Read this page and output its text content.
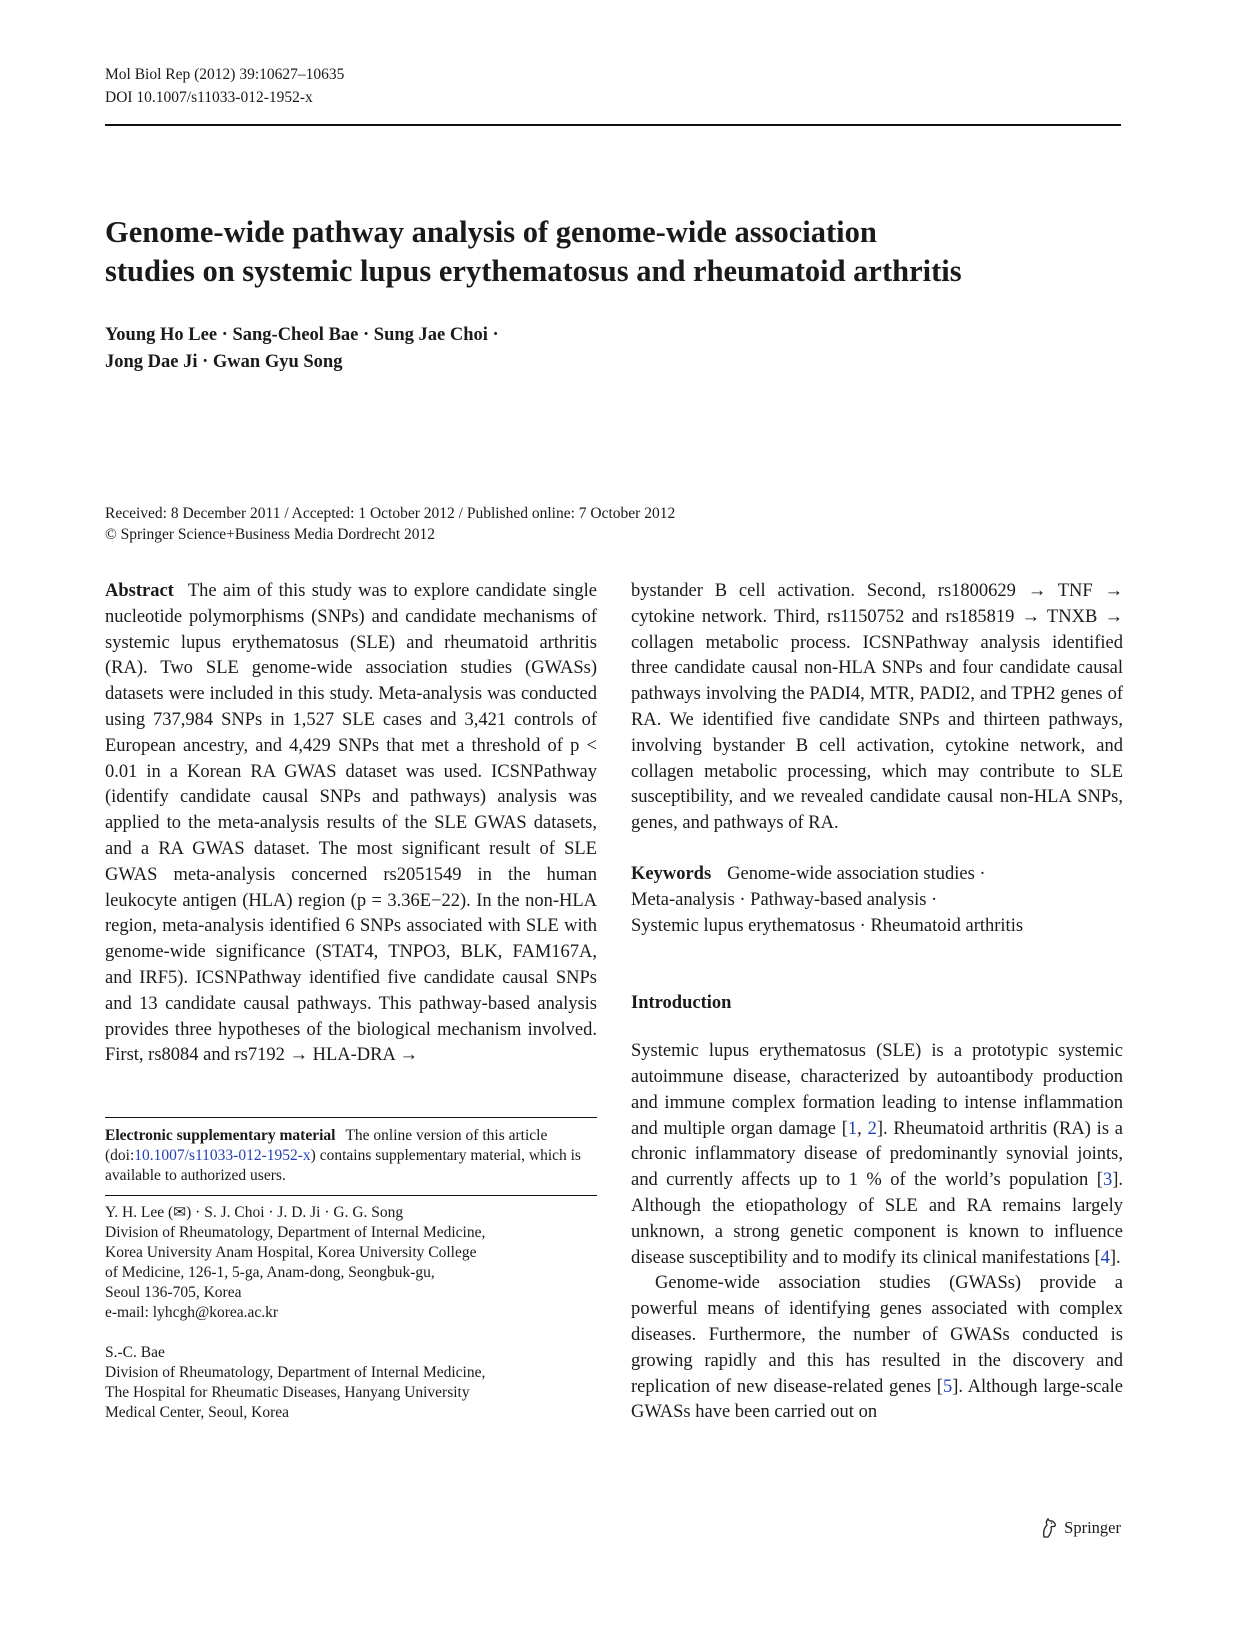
Mol Biol Rep (2012) 39:10627–10635
DOI 10.1007/s11033-012-1952-x
Genome-wide pathway analysis of genome-wide association
studies on systemic lupus erythematosus and rheumatoid arthritis
Young Ho Lee · Sang-Cheol Bae · Sung Jae Choi ·
Jong Dae Ji · Gwan Gyu Song
Received: 8 December 2011 / Accepted: 1 October 2012 / Published online: 7 October 2012
© Springer Science+Business Media Dordrecht 2012

Abstract The aim of this study was to explore candidate single nucleotide polymorphisms (SNPs) and candidate mechanisms of systemic lupus erythematosus (SLE) and rheumatoid arthritis (RA). Two SLE genome-wide association studies (GWASs) datasets were included in this study. Meta-analysis was conducted using 737,984 SNPs in 1,527 SLE cases and 3,421 controls of European ancestry, and 4,429 SNPs that met a threshold of p < 0.01 in a Korean RA GWAS dataset was used. ICSNPathway (identify candidate causal SNPs and pathways) analysis was applied to the meta-analysis results of the SLE GWAS datasets, and a RA GWAS dataset. The most significant result of SLE GWAS meta-analysis concerned rs2051549 in the human leukocyte antigen (HLA) region (p = 3.36E−22). In the non-HLA region, meta-analysis identified 6 SNPs associated with SLE with genome-wide significance (STAT4, TNPO3, BLK, FAM167A, and IRF5). ICSNPathway identified five candidate causal SNPs and 13 candidate causal pathways. This pathway-based analysis provides three hypotheses of the biological mechanism involved. First, rs8084 and rs7192 → HLA-DRA →

Electronic supplementary material The online version of this article (doi:10.1007/s11033-012-1952-x) contains supplementary material, which is available to authorized users.

Y. H. Lee (✉) · S. J. Choi · J. D. Ji · G. G. Song

Division of Rheumatology, Department of Internal Medicine,

Korea University Anam Hospital, Korea University College

of Medicine, 126-1, 5-ga, Anam-dong, Seongbuk-gu,

Seoul 136-705, Korea

e-mail: lyhcgh@korea.ac.kr

S.-C. Bae

Division of Rheumatology, Department of Internal Medicine,

The Hospital for Rheumatic Diseases, Hanyang University

Medical Center, Seoul, Korea

bystander B cell activation. Second, rs1800629 → TNF → cytokine network. Third, rs1150752 and rs185819 → TNXB → collagen metabolic process. ICSNPathway analysis identified three candidate causal non-HLA SNPs and four candidate causal pathways involving the PADI4, MTR, PADI2, and TPH2 genes of RA. We identified five candidate SNPs and thirteen pathways, involving bystander B cell activation, cytokine network, and collagen metabolic processing, which may contribute to SLE susceptibility, and we revealed candidate causal non-HLA SNPs, genes, and pathways of RA.

Keywords Genome-wide association studies ·
Meta-analysis · Pathway-based analysis ·
Systemic lupus erythematosus · Rheumatoid arthritis
Introduction

Systemic lupus erythematosus (SLE) is a prototypic systemic autoimmune disease, characterized by autoantibody production and immune complex formation leading to intense inflammation and multiple organ damage [1, 2]. Rheumatoid arthritis (RA) is a chronic inflammatory disease of predominantly synovial joints, and currently affects up to 1 % of the world’s population [3]. Although the etiopathology of SLE and RA remains largely unknown, a strong genetic component is known to influence disease susceptibility and to modify its clinical manifestations [4].

Genome-wide association studies (GWASs) provide a powerful means of identifying genes associated with complex diseases. Furthermore, the number of GWASs conducted is growing rapidly and this has resulted in the discovery and replication of new disease-related genes [5]. Although large-scale GWASs have been carried out on

Springer
